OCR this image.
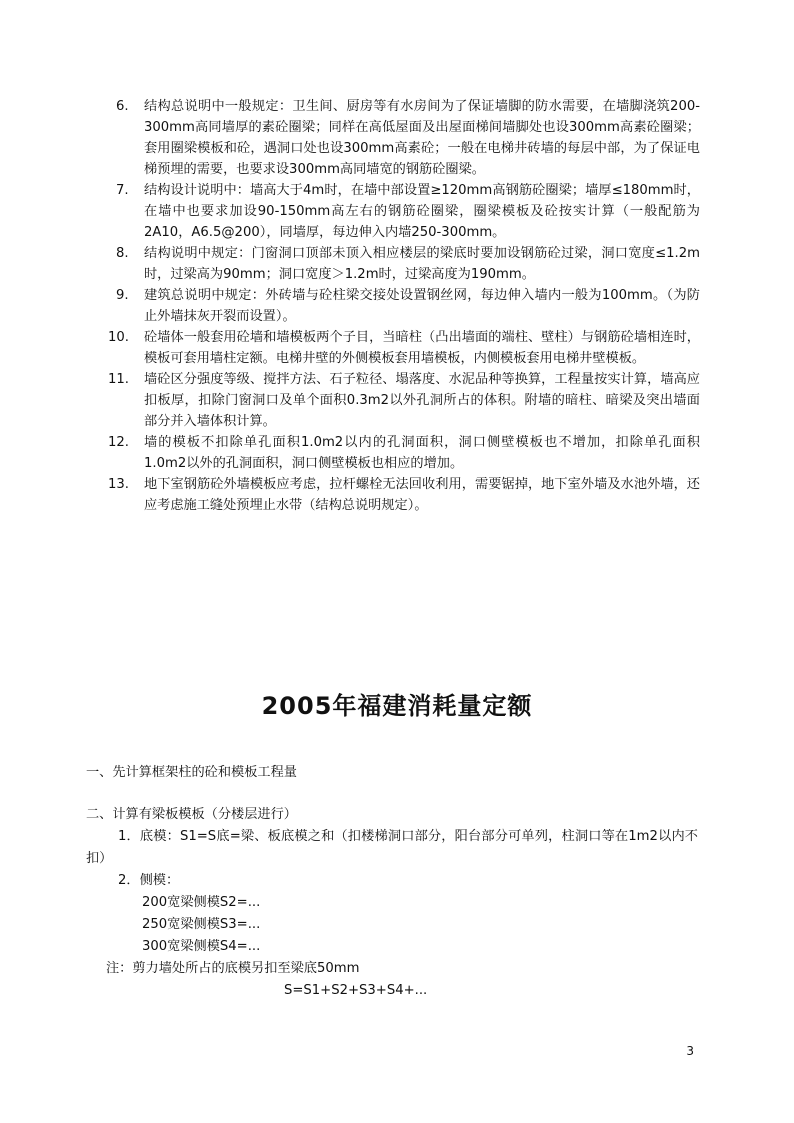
6.	结构总说明中一般规定：卫生间、厨房等有水房间为了保证墙脚的防水需要，在墙脚浇筑200-300mm高同墙厚的素砼圈梁；同样在高低屋面及出屋面梯间墙脚处也设300mm高素砼圈梁；套用圈梁模板和砼，遇洞口处也设300mm高素砼；一般在电梯井砖墙的每层中部，为了保证电梯预埋的需要，也要求设300mm高同墙宽的钢筋砼圈梁。
7.	结构设计说明中：墙高大于4m时，在墙中部设置≥120mm高钢筋砼圈梁；墙厚≤180mm时，在墙中也要求加设90-150mm高左右的钢筋砼圈梁，圈梁模板及砼按实计算（一般配筋为2A10，A6.5@200），同墙厚，每边伸入内墙250-300mm。
8.	结构说明中规定：门窗洞口顶部未顶入相应楼层的梁底时要加设钢筋砼过梁，洞口宽度≤1.2m时，过梁高为90mm；洞口宽度＞1.2m时，过梁高度为190mm。
9.	建筑总说明中规定：外砖墙与砼柱梁交接处设置钢丝网，每边伸入墙内一般为100mm。（为防止外墙抹灰开裂而设置）。
10.	砼墙体一般套用砼墙和墙模板两个子目，当暗柱（凸出墙面的端柱、壁柱）与钢筋砼墙相连时，模板可套用墙柱定额。电梯井壁的外侧模板套用墙模板，内侧模板套用电梯井壁模板。
11.	墙砼区分强度等级、搅拌方法、石子粒径、塌落度、水泥品种等换算，工程量按实计算，墙高应扣板厚，扣除门窗洞口及单个面积0.3m2以外孔洞所占的体积。附墙的暗柱、暗梁及突出墙面部分并入墙体积计算。
12.	墙的模板不扣除单孔面积1.0m2以内的孔洞面积，洞口侧壁模板也不增加，扣除单孔面积1.0m2以外的孔洞面积，洞口侧壁模板也相应的增加。
13.	地下室钢筋砼外墙模板应考虑，拉杆螺栓无法回收利用，需要锯掉，地下室外墙及水池外墙，还应考虑施工缝处预埋止水带（结构总说明规定）。
2005年福建消耗量定额
一、先计算框架柱的砼和模板工程量
二、计算有梁板模板（分楼层进行）
1．底模：S1=S底=梁、板底模之和（扣楼梯洞口部分，阳台部分可单列，柱洞口等在1m2以内不扣）
2．侧模：
200宽梁侧模S2=...
250宽梁侧模S3=...
300宽梁侧模S4=...
注：剪力墙处所占的底模另扣至梁底50mm
S=S1+S2+S3+S4+...
3
